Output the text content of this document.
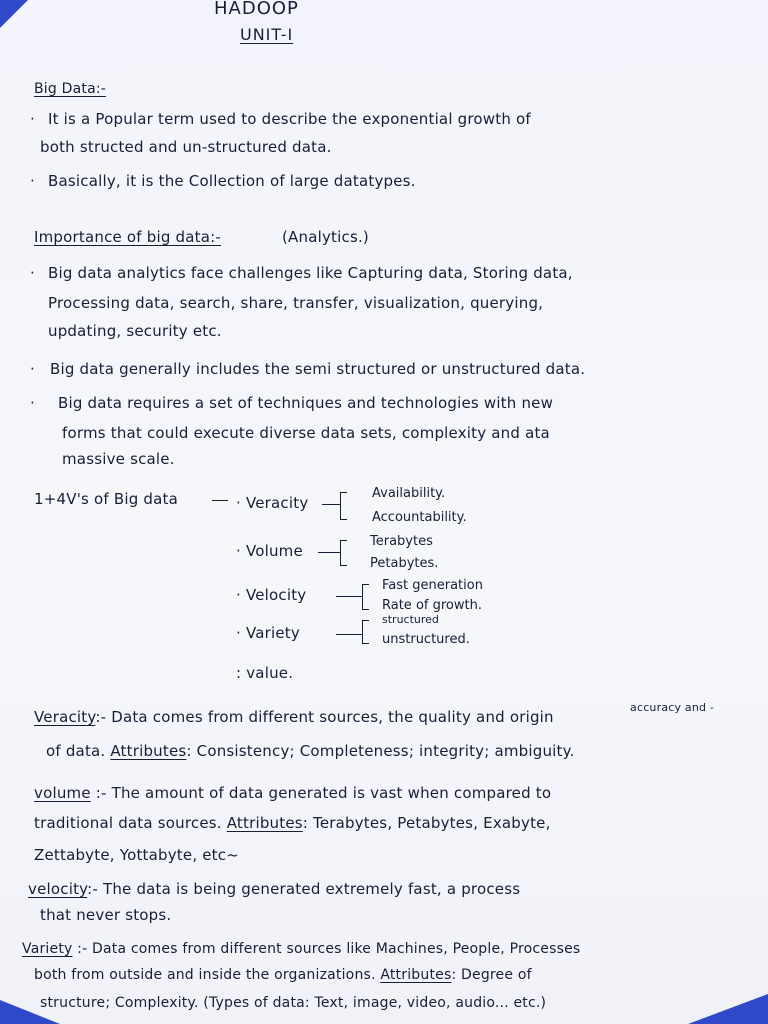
HADOOP
UNIT-I
Big Data:-
· It is a Popular term used to describe the exponential growth of
both structed and un-structured data.
· Basically, it is the Collection of large datatypes.
Importance of big data:-	(Analytics.)
· Big data analytics face challenges like Capturing data, Storing data,
Processing data, search, share, transfer, visualization, querying,
updating, security etc.
· Big data generally includes the semi structured or unstructured data.
· Big data requires a set of techniques and technologies with new
forms that could execute diverse data sets, complexity and ata
massive scale.
1+4V's of Big data	· Veracity
Availability.
Accountability.
· Volume
Terabytes
Petabytes.
· Velocity
Fast generation
Rate of growth.
· Variety
structured
unstructured.
: value.
accuracy and -
Veracity:- Data comes from different sources, the quality and origin
of data. Attributes: Consistency; Completeness; integrity; ambiguity.
volume :- The amount of data generated is vast when compared to
traditional data sources. Attributes: Terabytes, Petabytes, Exabyte,
Zettabyte, Yottabyte, etc~
velocity:- The data is being generated extremely fast, a process
that never stops.
Variety :- Data comes from different sources like Machines, People, Processes
both from outside and inside the organizations. Attributes: Degree of
structure; Complexity. (Types of data: Text, image, video, audio... etc.)
